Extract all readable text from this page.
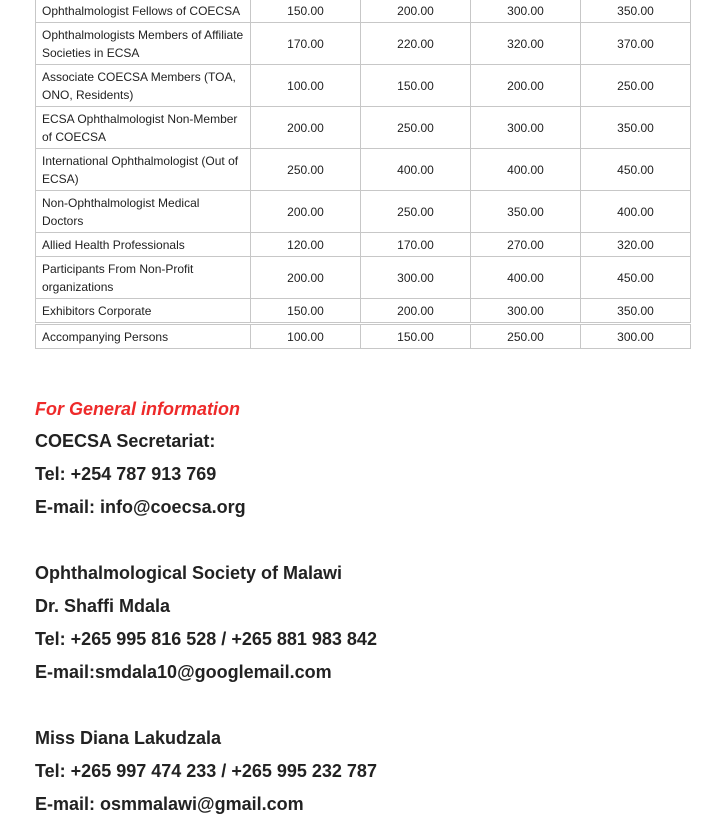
Ophthalmologist Fellows of COECSA	150.00	200.00	300.00	350.00
Ophthalmologists Members of Affiliate Societies in ECSA	170.00	220.00	320.00	370.00
Associate COECSA Members (TOA, ONO, Residents)	100.00	150.00	200.00	250.00
ECSA Ophthalmologist Non-Member of COECSA	200.00	250.00	300.00	350.00
International Ophthalmologist (Out of ECSA)	250.00	400.00	400.00	450.00
Non-Ophthalmologist Medical Doctors	200.00	250.00	350.00	400.00
Allied Health Professionals	120.00	170.00	270.00	320.00
Participants From Non-Profit organizations	200.00	300.00	400.00	450.00
Exhibitors Corporate	150.00	200.00	300.00	350.00
Accompanying Persons	100.00	150.00	250.00	300.00

For General information

COECSA Secretariat:

Tel: +254 787 913 769

E-mail: info@coecsa.org

Ophthalmological Society of Malawi

Dr. Shaffi Mdala

Tel: +265 995 816 528 / +265 881 983 842

E-mail:smdala10@googlemail.com

Miss Diana Lakudzala

Tel: +265 997 474 233 / +265 995 232 787

E-mail: osmmalawi@gmail.com
